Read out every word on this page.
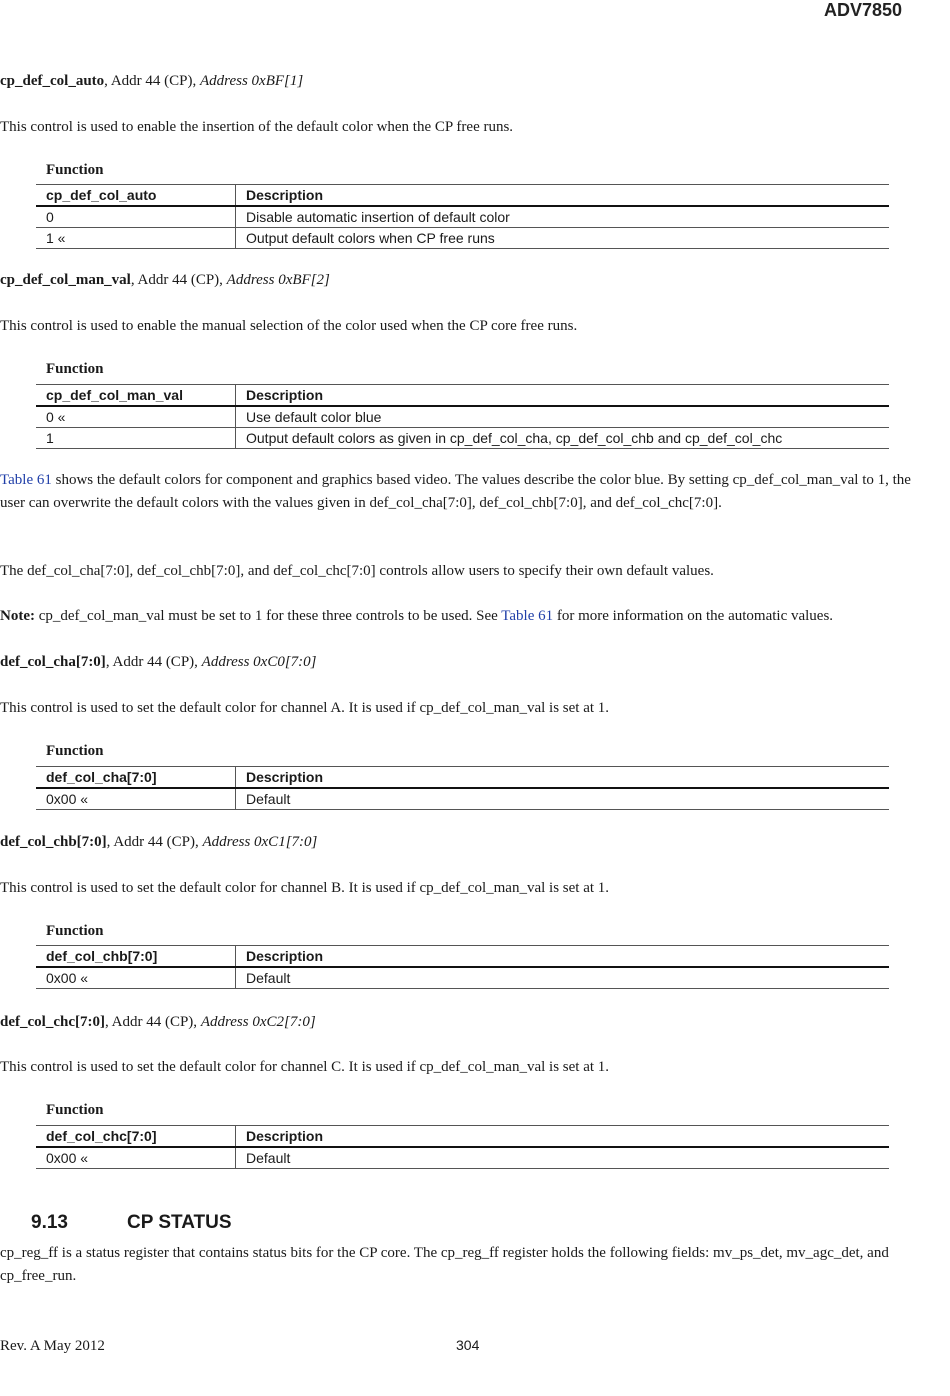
ADV7850
cp_def_col_auto, Addr 44 (CP), Address 0xBF[1]
This control is used to enable the insertion of the default color when the CP free runs.
Function
cp_def_col_auto	Description
0	Disable automatic insertion of default color
1 «	Output default colors when CP free runs
cp_def_col_man_val, Addr 44 (CP), Address 0xBF[2]
This control is used to enable the manual selection of the color used when the CP core free runs.
Function
cp_def_col_man_val	Description
0 «	Use default color blue
1	Output default colors as given in cp_def_col_cha, cp_def_col_chb and cp_def_col_chc
Table 61 shows the default colors for component and graphics based video. The values describe the color blue. By setting cp_def_col_man_val to 1, the user can overwrite the default colors with the values given in def_col_cha[7:0], def_col_chb[7:0], and def_col_chc[7:0].
The def_col_cha[7:0], def_col_chb[7:0], and def_col_chc[7:0] controls allow users to specify their own default values.
Note: cp_def_col_man_val must be set to 1 for these three controls to be used. See Table 61 for more information on the automatic values.
def_col_cha[7:0], Addr 44 (CP), Address 0xC0[7:0]
This control is used to set the default color for channel A. It is used if cp_def_col_man_val is set at 1.
Function
def_col_cha[7:0]	Description
0x00 «	Default
def_col_chb[7:0], Addr 44 (CP), Address 0xC1[7:0]
This control is used to set the default color for channel B. It is used if cp_def_col_man_val is set at 1.
Function
def_col_chb[7:0]	Description
0x00 «	Default
def_col_chc[7:0], Addr 44 (CP), Address 0xC2[7:0]
This control is used to set the default color for channel C. It is used if cp_def_col_man_val is set at 1.
Function
def_col_chc[7:0]	Description
0x00 «	Default
9.13	CP STATUS
cp_reg_ff is a status register that contains status bits for the CP core. The cp_reg_ff register holds the following fields: mv_ps_det, mv_agc_det, and cp_free_run.
Rev. A May 2012	304
